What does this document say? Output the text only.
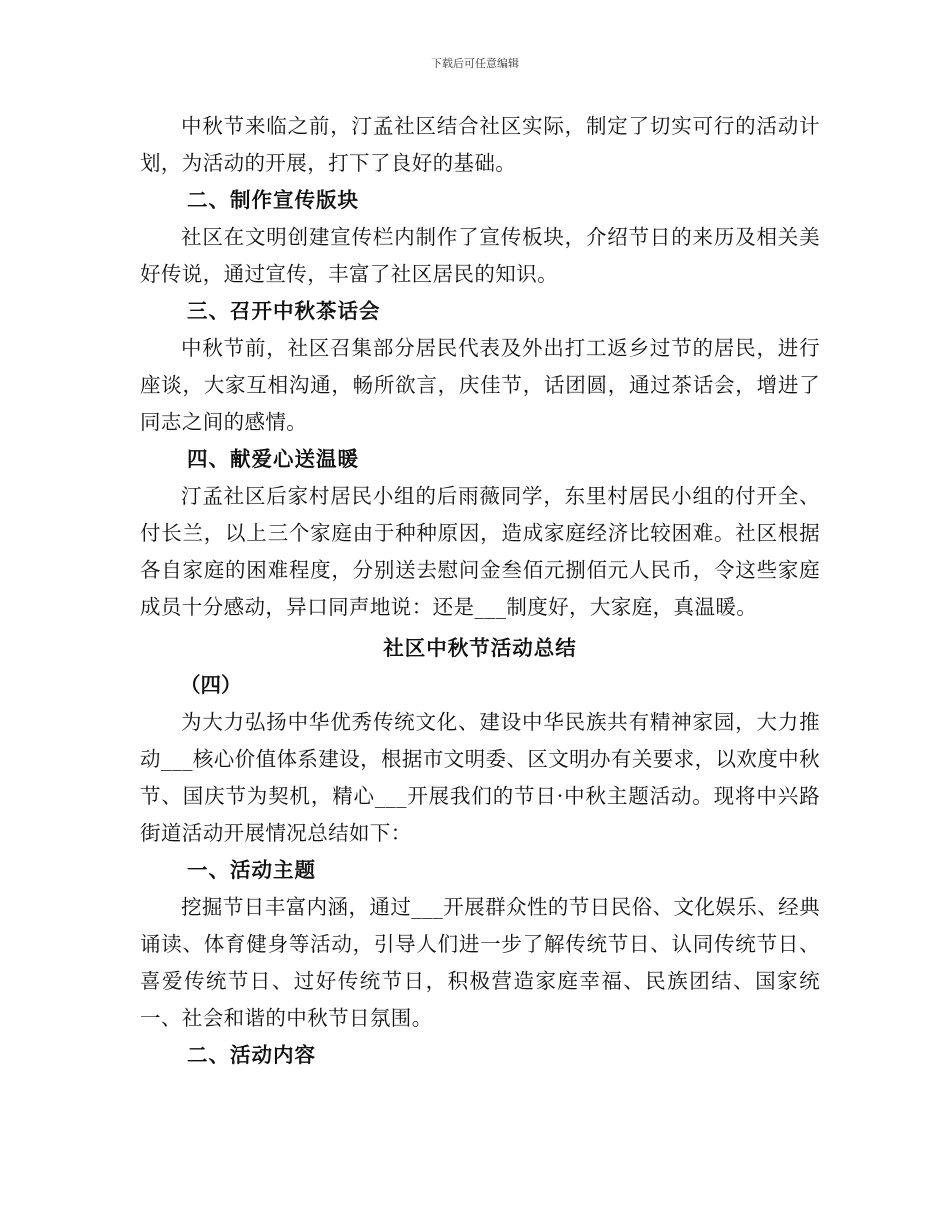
下载后可任意编辑

中秋节来临之前，汀孟社区结合社区实际，制定了切实可行的活动计划，为活动的开展，打下了良好的基础。

二、制作宣传版块

社区在文明创建宣传栏内制作了宣传板块，介绍节日的来历及相关美好传说，通过宣传，丰富了社区居民的知识。

三、召开中秋茶话会

中秋节前，社区召集部分居民代表及外出打工返乡过节的居民，进行座谈，大家互相沟通，畅所欲言，庆佳节，话团圆，通过茶话会，增进了同志之间的感情。

四、献爱心送温暖

汀孟社区后家村居民小组的后雨薇同学，东里村居民小组的付开全、付长兰，以上三个家庭由于种种原因，造成家庭经济比较困难。社区根据各自家庭的困难程度，分别送去慰问金叁佰元捌佰元人民币，令这些家庭成员十分感动，异口同声地说：还是___制度好，大家庭，真温暖。

社区中秋节活动总结

（四）

为大力弘扬中华优秀传统文化、建设中华民族共有精神家园，大力推动___核心价值体系建设，根据市文明委、区文明办有关要求，以欢度中秋节、国庆节为契机，精心___开展我们的节日·中秋主题活动。现将中兴路街道活动开展情况总结如下：

一、活动主题

挖掘节日丰富内涵，通过___开展群众性的节日民俗、文化娱乐、经典诵读、体育健身等活动，引导人们进一步了解传统节日、认同传统节日、喜爱传统节日、过好传统节日，积极营造家庭幸福、民族团结、国家统一、社会和谐的中秋节日氛围。

二、活动内容
